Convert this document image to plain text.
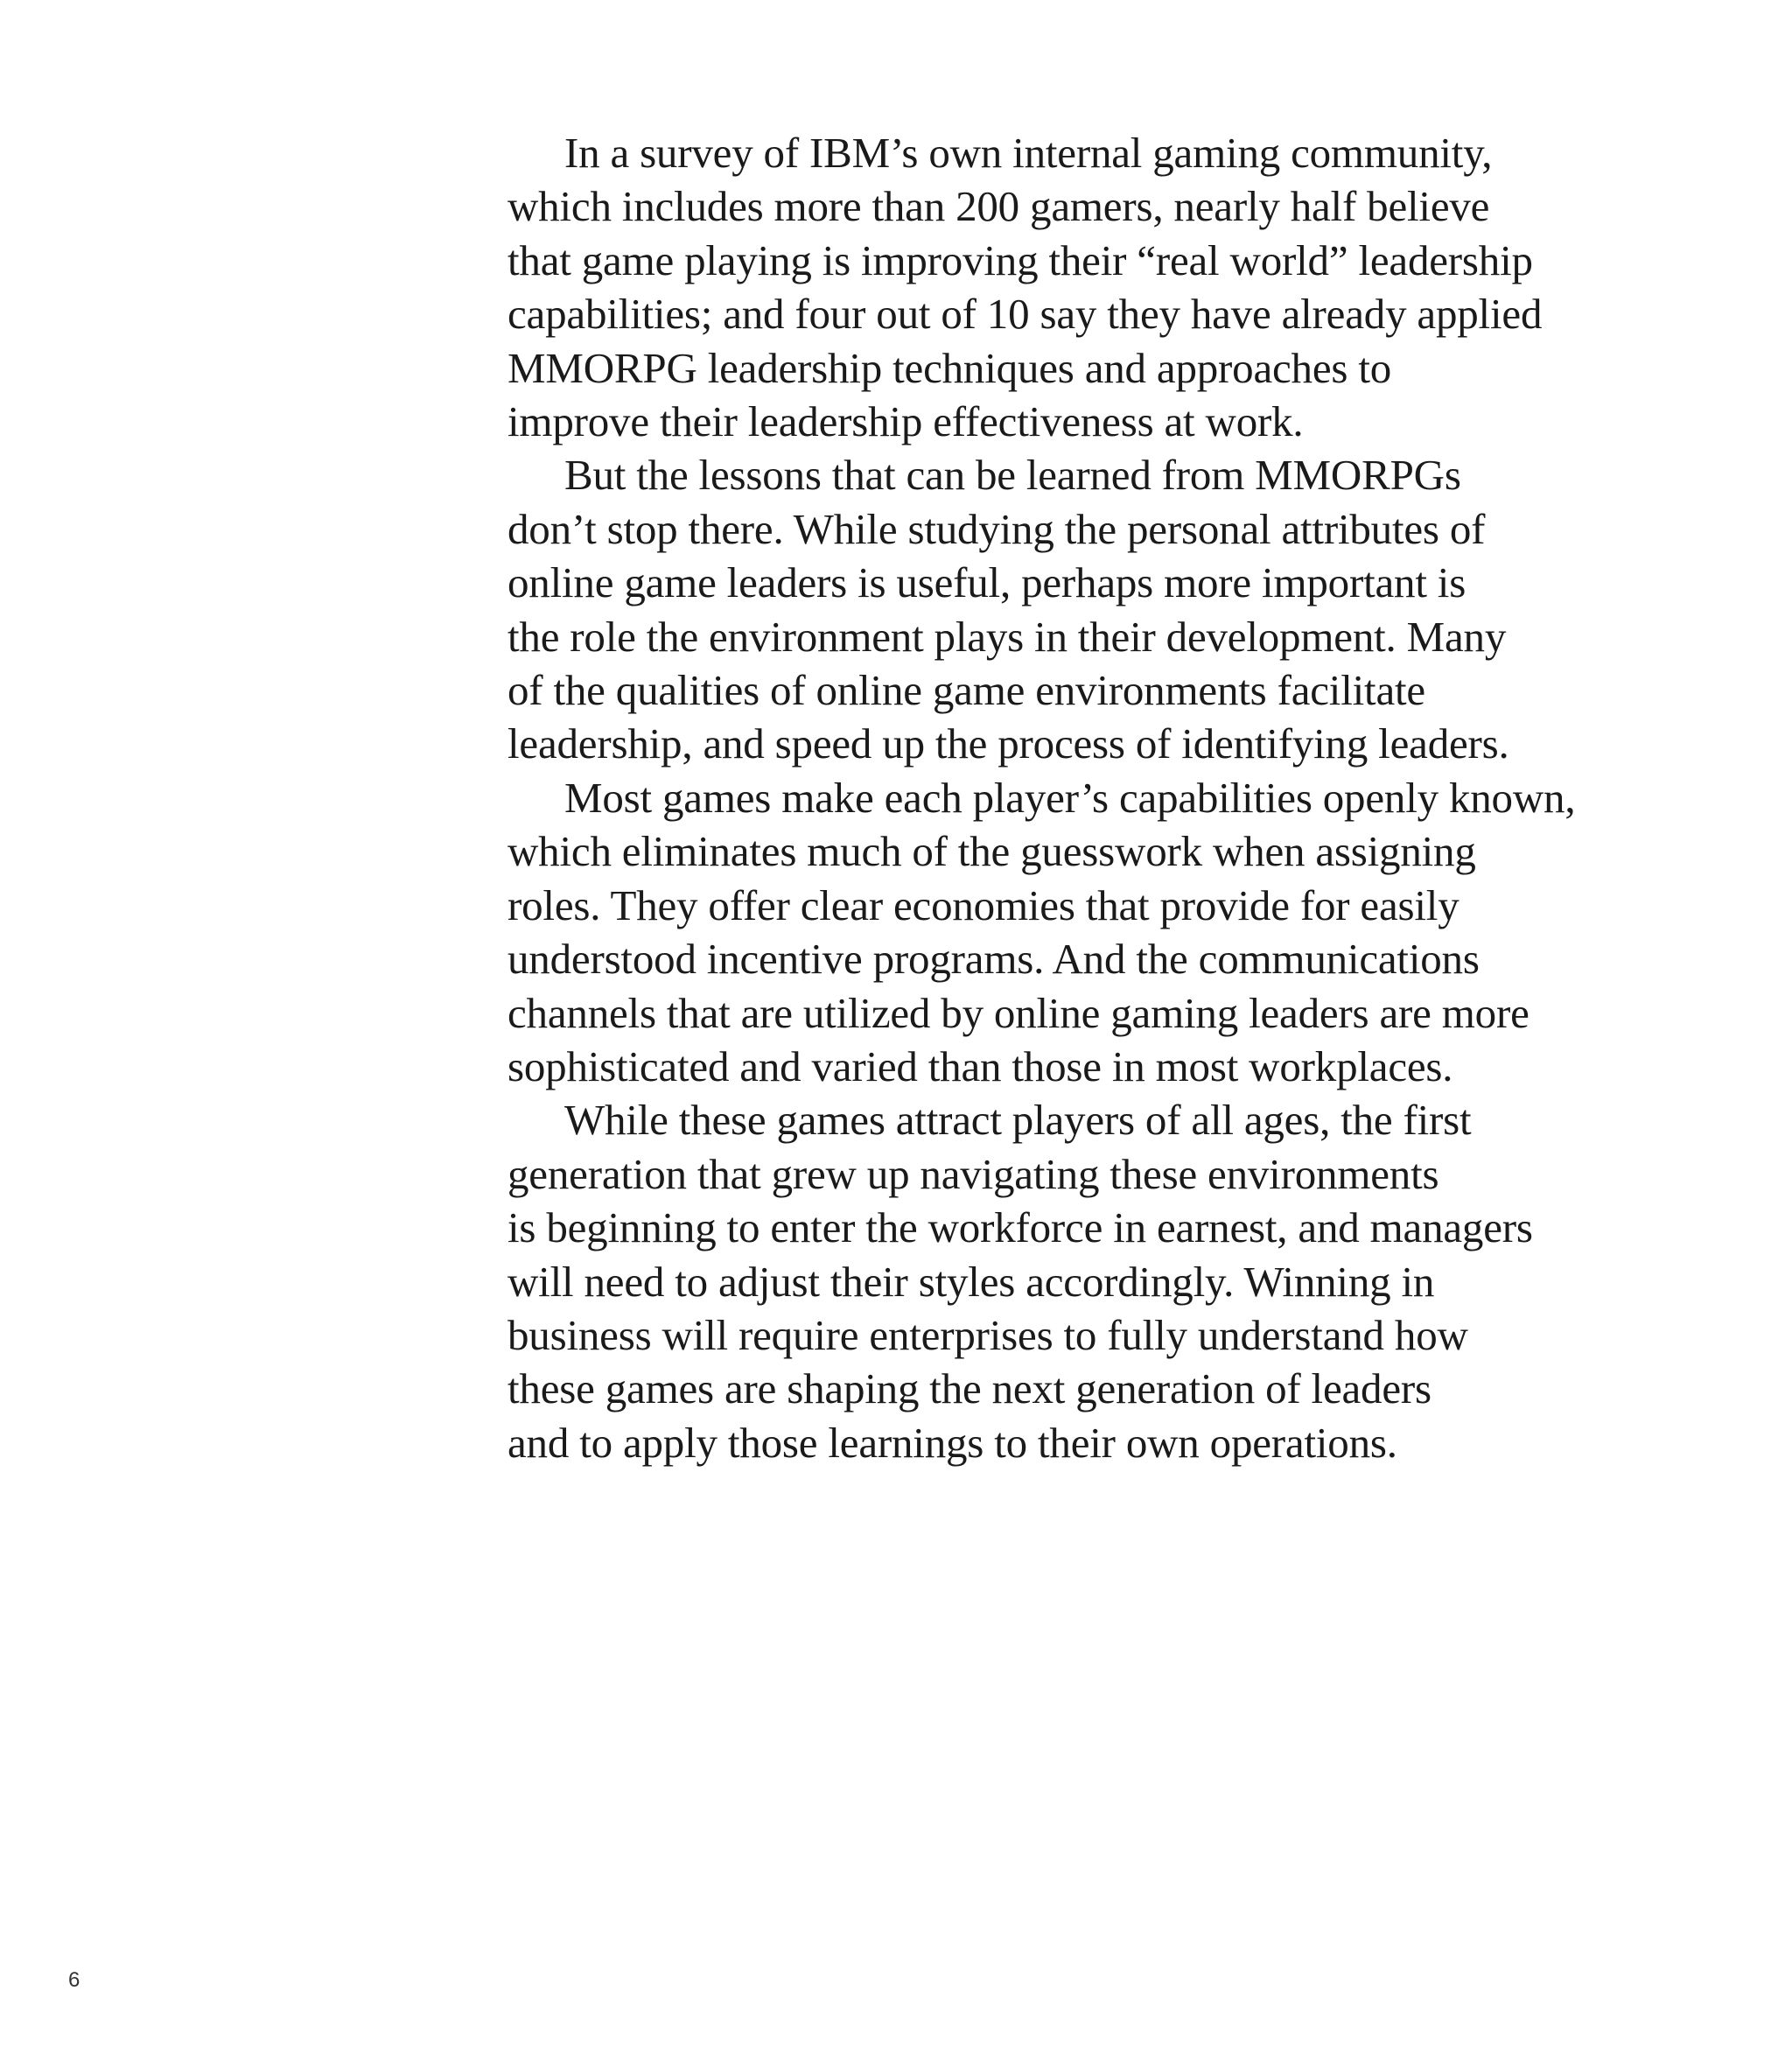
In a survey of IBM’s own internal gaming community,
which includes more than 200 gamers, nearly half believe
that game playing is improving their “real world” leadership
capabilities; and four out of 10 say they have already applied
MMORPG leadership techniques and approaches to
improve their leadership effectiveness at work.

But the lessons that can be learned from MMORPGs
don’t stop there. While studying the personal attributes of
online game leaders is useful, perhaps more important is
the role the environment plays in their development. Many
of the qualities of online game environments facilitate
leadership, and speed up the process of identifying leaders.

Most games make each player’s capabilities openly known,
which eliminates much of the guesswork when assigning
roles. They offer clear economies that provide for easily
understood incentive programs. And the communications
channels that are utilized by online gaming leaders are more
sophisticated and varied than those in most workplaces.

While these games attract players of all ages, the first
generation that grew up navigating these environments
is beginning to enter the workforce in earnest, and managers
will need to adjust their styles accordingly. Winning in
business will require enterprises to fully understand how
these games are shaping the next generation of leaders
and to apply those learnings to their own operations.

6
